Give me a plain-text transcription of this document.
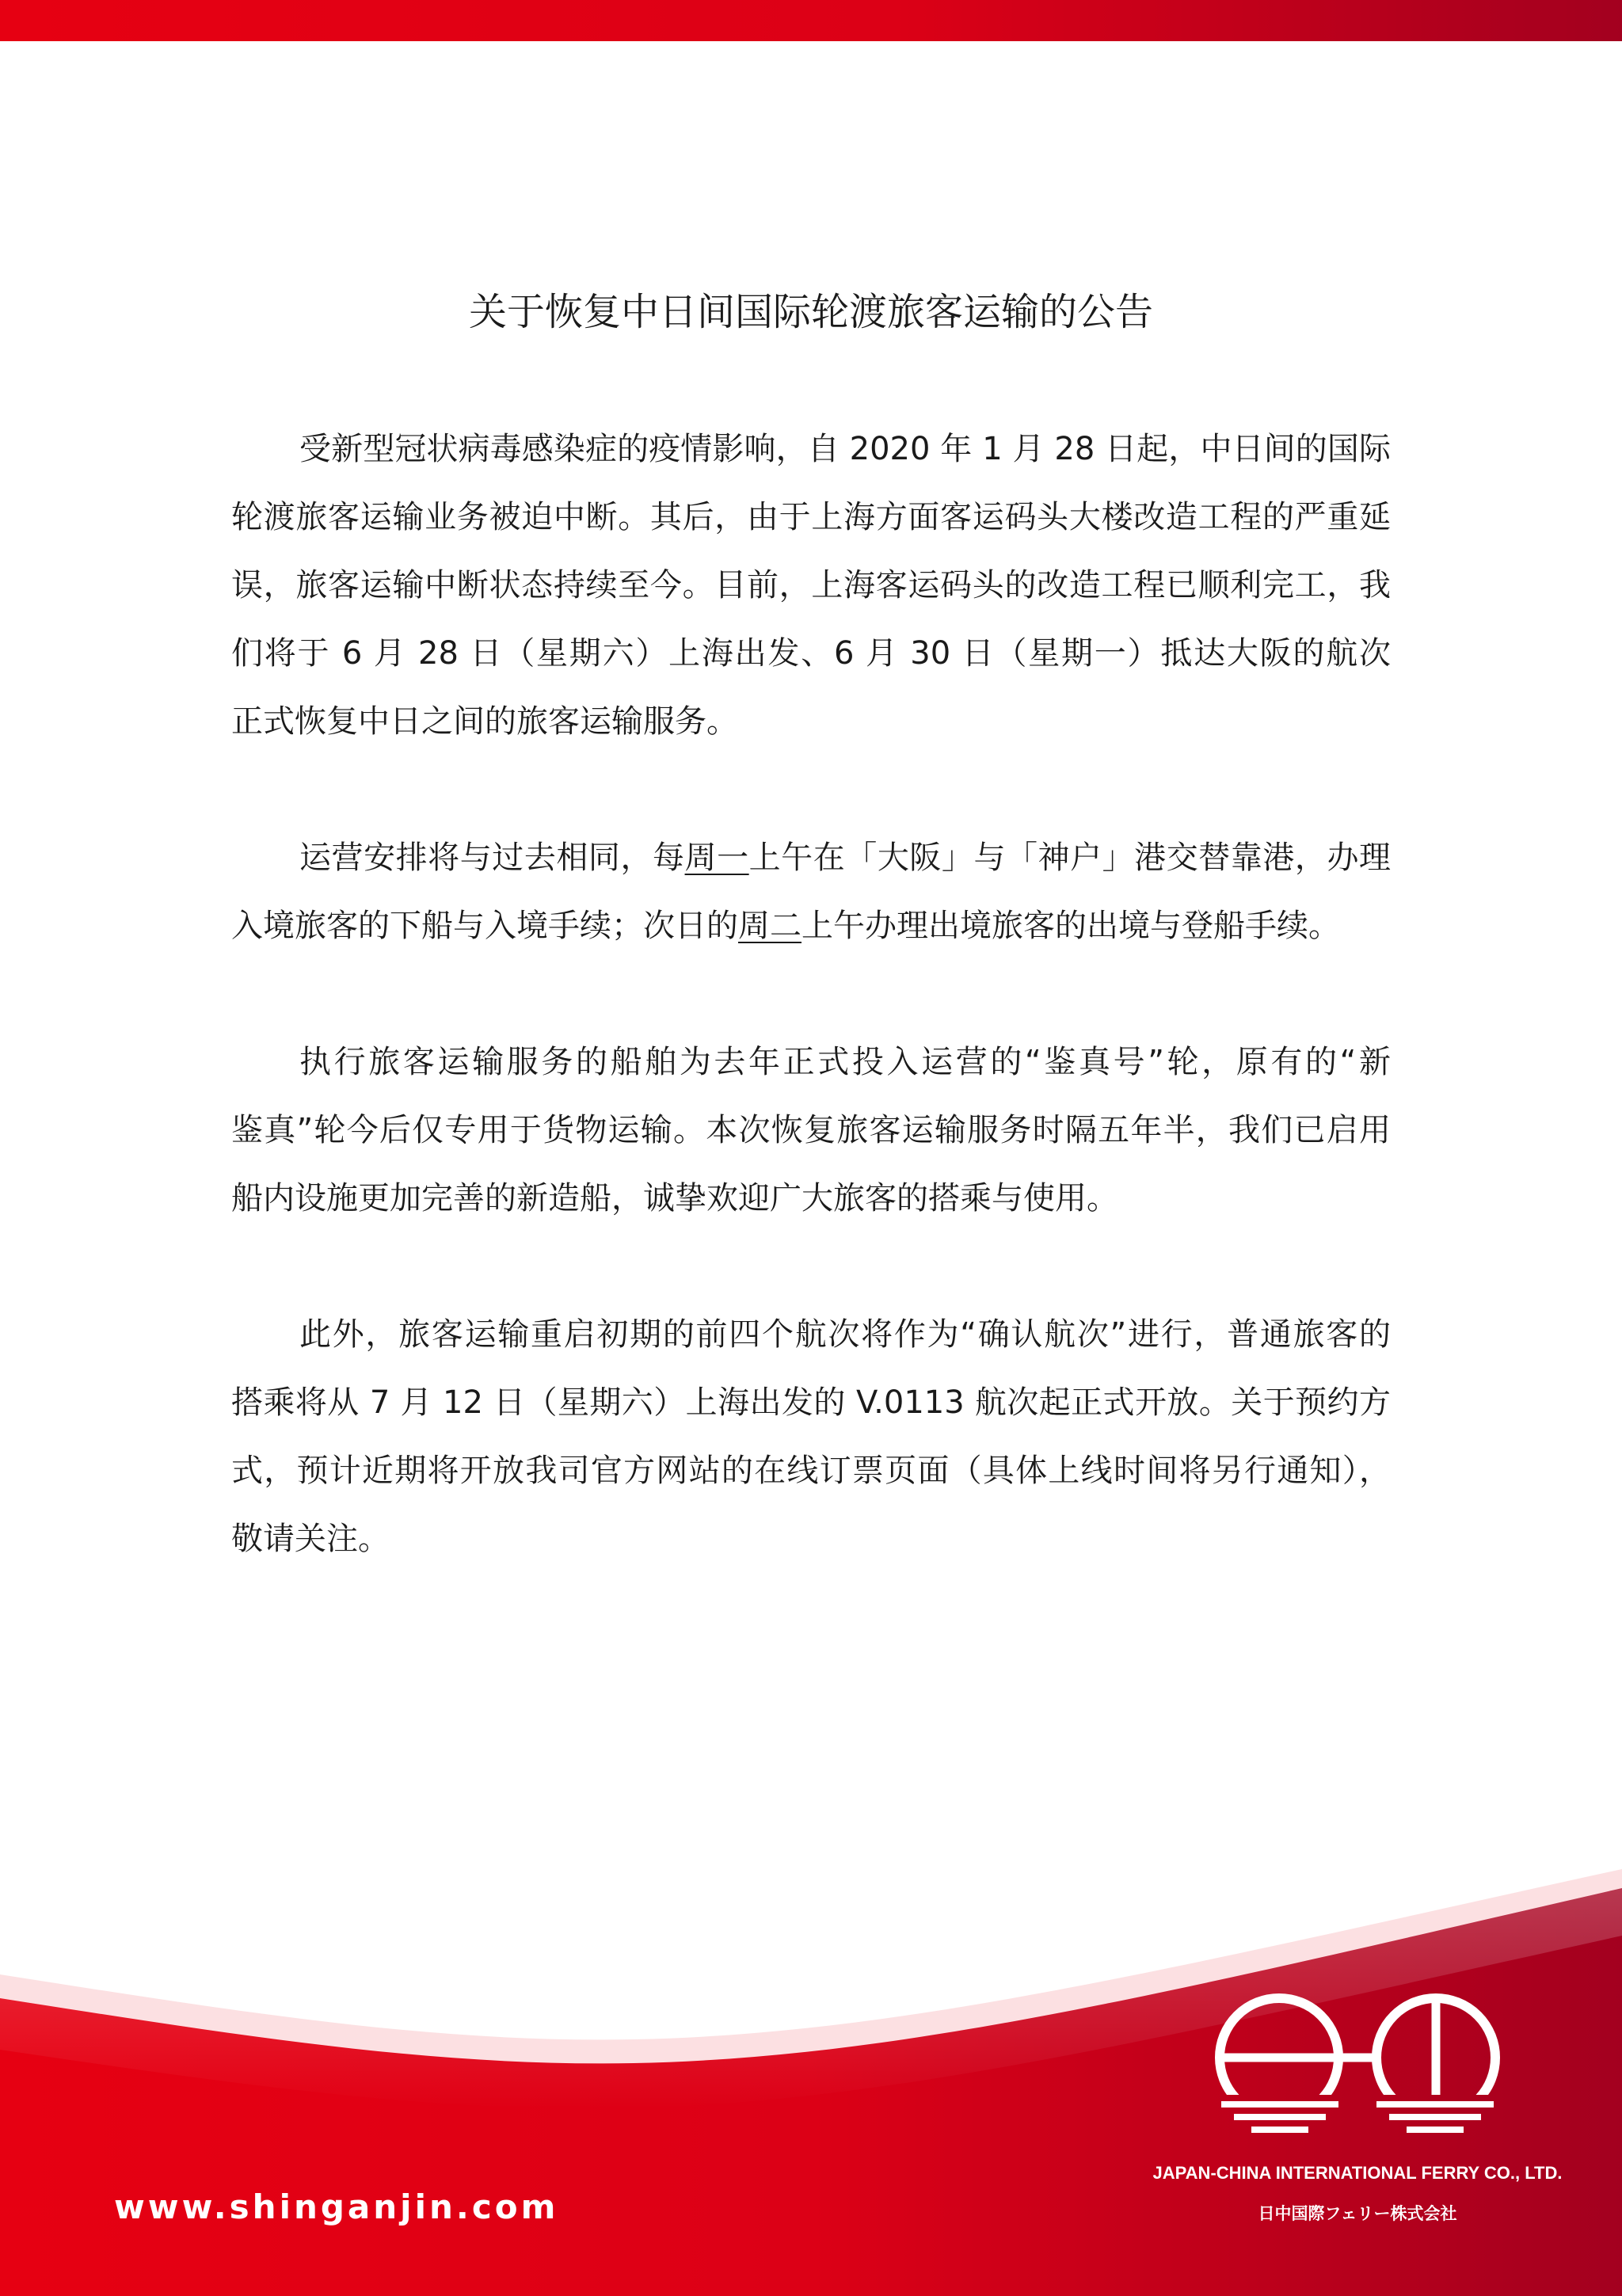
关于恢复中日间国际轮渡旅客运输的公告
受新型冠状病毒感染症的疫情影响，自 2020 年 1 月 28 日起，中日间的国际
轮渡旅客运输业务被迫中断。其后，由于上海方面客运码头大楼改造工程的严重延
误，旅客运输中断状态持续至今。目前，上海客运码头的改造工程已顺利完工，我
们将于 6 月 28 日（星期六）上海出发、6 月 30 日（星期一）抵达大阪的航次
正式恢复中日之间的旅客运输服务。
运营安排将与过去相同，每周一上午在「大阪」与「神户」港交替靠港，办理
入境旅客的下船与入境手续；次日的周二上午办理出境旅客的出境与登船手续。
执行旅客运输服务的船舶为去年正式投入运营的“鉴真号”轮，原有的“新
鉴真”轮今后仅专用于货物运输。本次恢复旅客运输服务时隔五年半，我们已启用
船内设施更加完善的新造船，诚挚欢迎广大旅客的搭乘与使用。
此外，旅客运输重启初期的前四个航次将作为“确认航次”进行，普通旅客的
搭乘将从 7 月 12 日（星期六）上海出发的 V.0113 航次起正式开放。关于预约方
式，预计近期将开放我司官方网站的在线订票页面（具体上线时间将另行通知），
敬请关注。
www.shinganjin.com
JAPAN-CHINA INTERNATIONAL FERRY CO., LTD.
日中国際フェリー株式会社
